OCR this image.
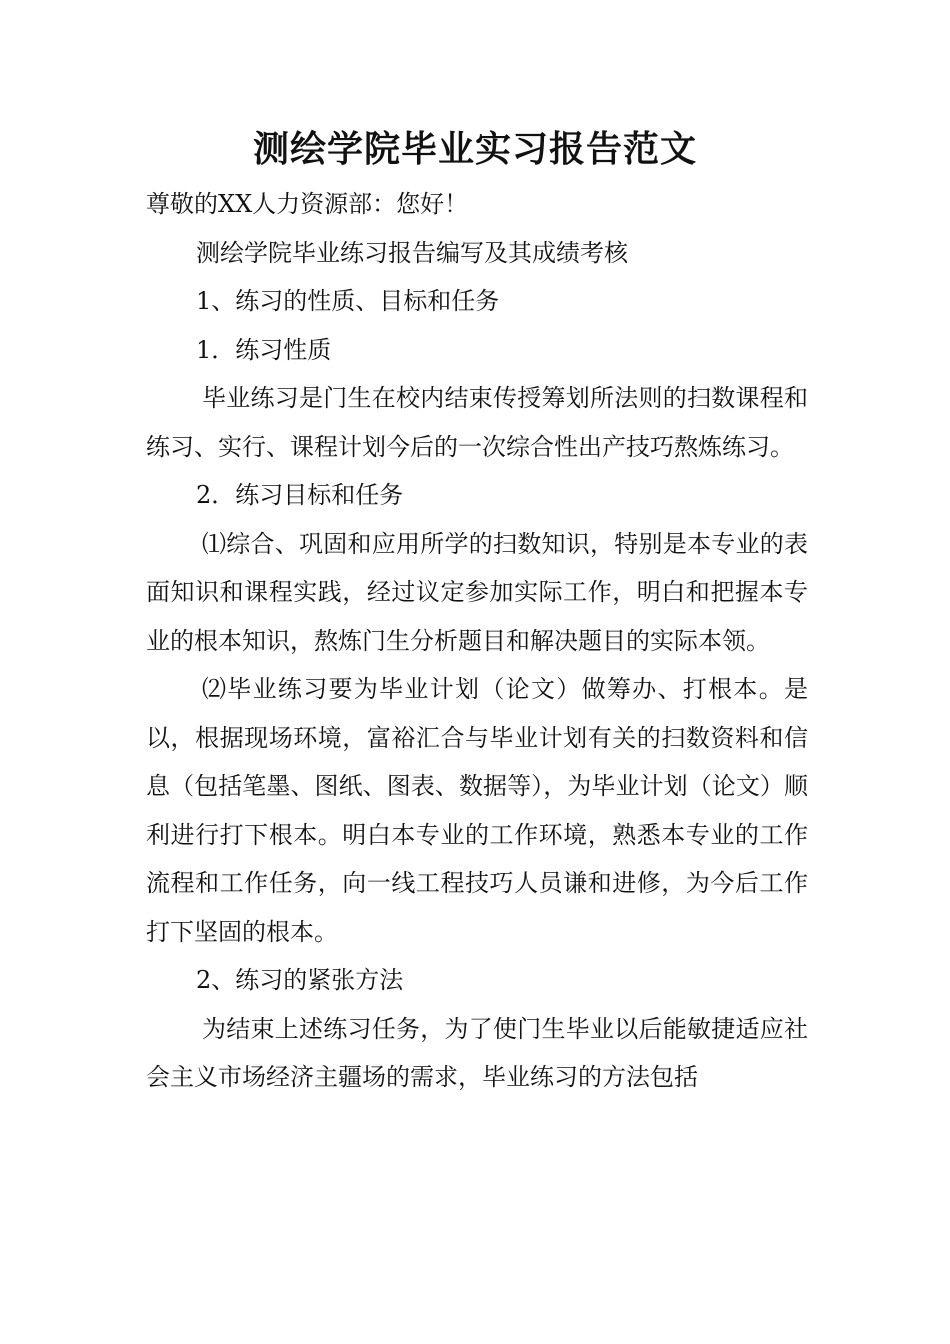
测绘学院毕业实习报告范文

尊敬的XX人力资源部：您好！

测绘学院毕业练习报告编写及其成绩考核

1、练习的性质、目标和任务

1．练习性质

毕业练习是门生在校内结束传授筹划所法则的扫数课程和练习、实行、课程计划今后的一次综合性出产技巧熬炼练习。

2．练习目标和任务

⑴综合、巩固和应用所学的扫数知识，特别是本专业的表面知识和课程实践，经过议定参加实际工作，明白和把握本专业的根本知识，熬炼门生分析题目和解决题目的实际本领。

⑵毕业练习要为毕业计划（论文）做筹办、打根本。是以，根据现场环境，富裕汇合与毕业计划有关的扫数资料和信息（包括笔墨、图纸、图表、数据等），为毕业计划（论文）顺利进行打下根本。明白本专业的工作环境，熟悉本专业的工作流程和工作任务，向一线工程技巧人员谦和进修，为今后工作打下坚固的根本。

2、练习的紧张方法

为结束上述练习任务，为了使门生毕业以后能敏捷适应社会主义市场经济主疆场的需求，毕业练习的方法包括
